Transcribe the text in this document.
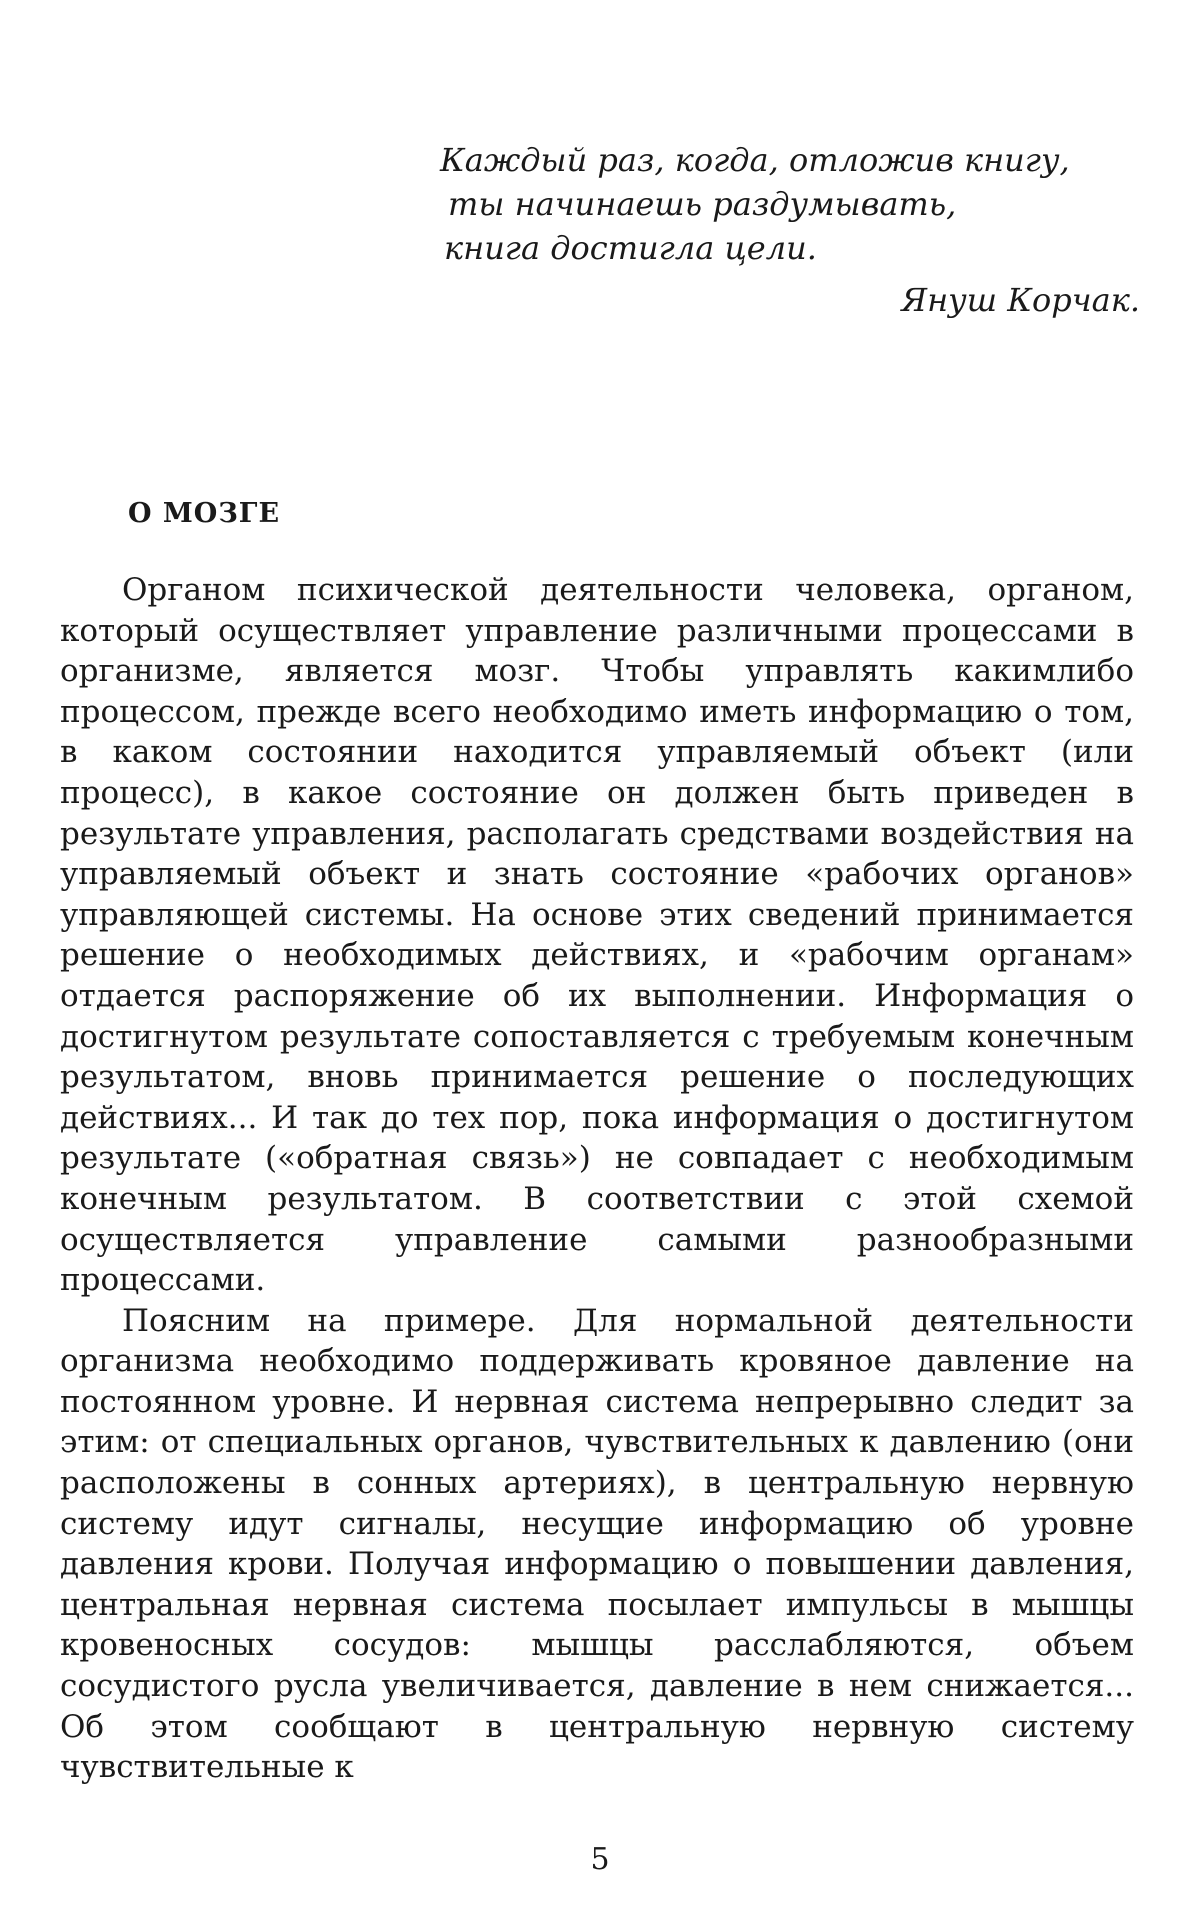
Каждый раз, когда, отложив книгу,
ты начинаешь раздумывать,
книга достигла цели.
Януш Корчак.
О МОЗГЕ

Органом психической деятельности человека, органом, который осуществляет управление различными процессами в организме, является мозг. Чтобы управлять какимлибо процессом, прежде всего необходимо иметь информацию о том, в каком состоянии находится управляемый объект (или процесс), в какое состояние он должен быть приведен в результате управления, располагать средствами воздействия на управляемый объект и знать состояние «рабочих органов» управляющей системы. На основе этих сведений принимается решение о необходимых действиях, и «рабочим органам» отдается распоряжение об их выполнении. Информация о достигнутом результате сопоставляется с требуемым конечным результатом, вновь принимается решение о последующих действиях... И так до тех пор, пока информация о достигнутом результате («обратная связь») не совпадает с необходимым конечным результатом. В соответствии с этой схемой осуществляется управление самыми разнообразными процессами.

Поясним на примере. Для нормальной деятельности организма необходимо поддерживать кровяное давление на постоянном уровне. И нервная система непрерывно следит за этим: от специальных органов, чувствительных к давлению (они расположены в сонных артериях), в центральную нервную систему идут сигналы, несущие информацию об уровне давления крови. Получая информацию о повышении давления, центральная нервная система посылает импульсы в мышцы кровеносных сосудов: мышцы расслабляются, объем сосудистого русла увеличивается, давление в нем снижается... Об этом сообщают в центральную нервную систему чувствительные к

5
